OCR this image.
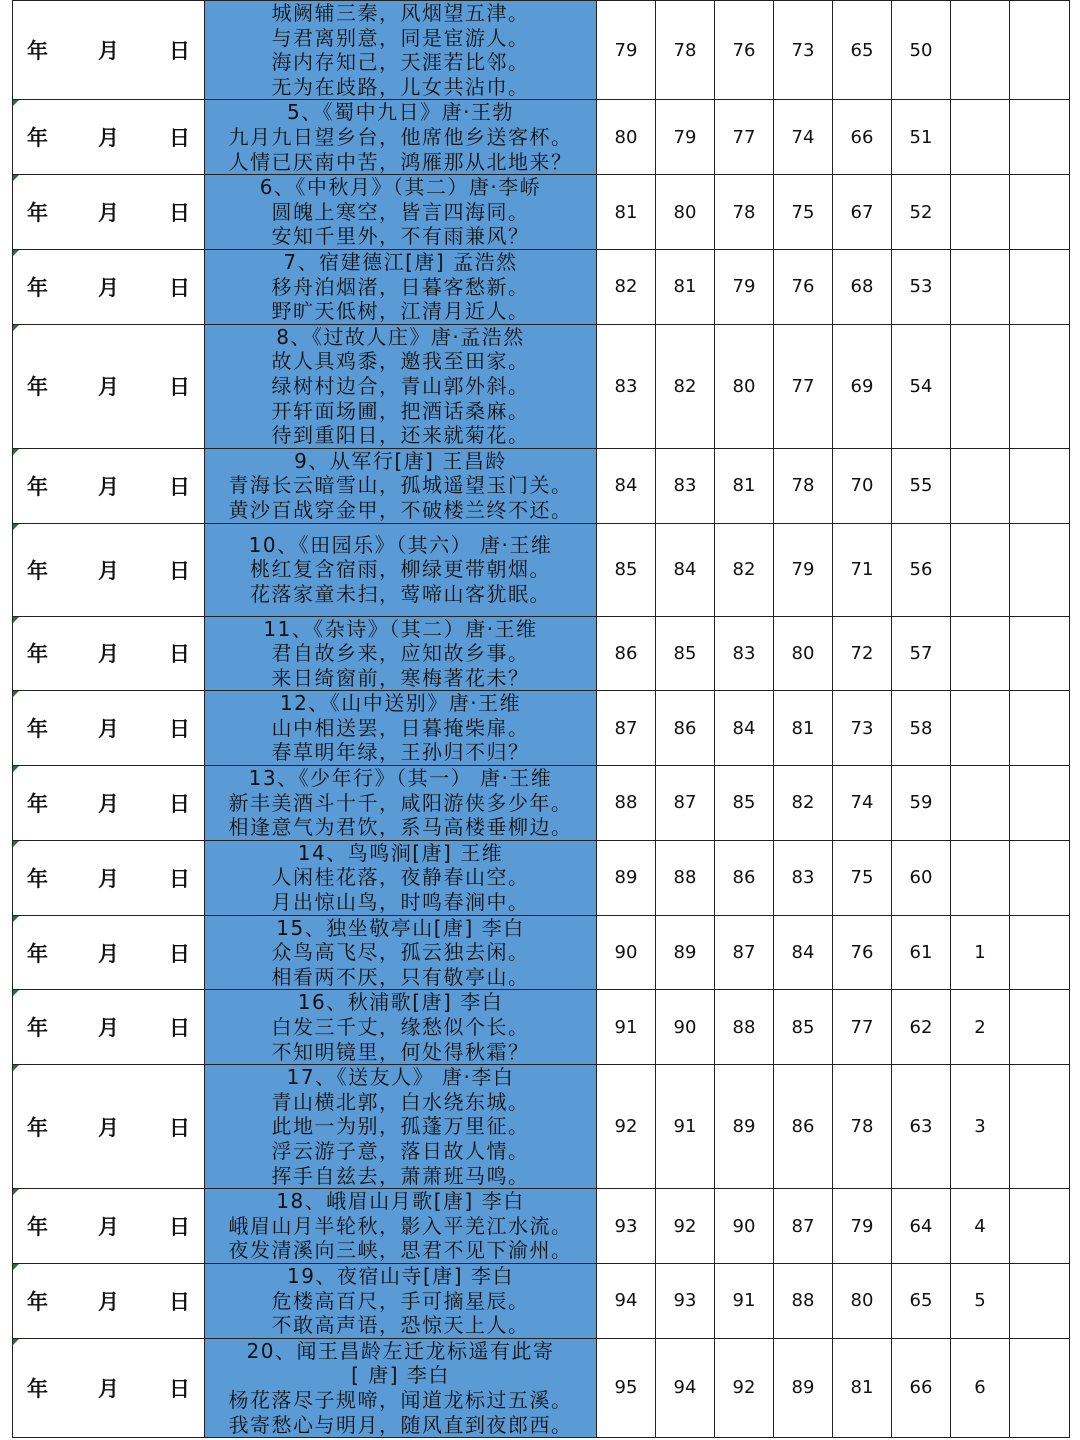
年 月 日	城阙辅三秦，风烟望五津。
与君离别意，同是宦游人。
海内存知己，天涯若比邻。
无为在歧路，儿女共沾巾。	79	78	76	73	65	50		

年 月 日	5、《蜀中九日》唐·王勃
九月九日望乡台，他席他乡送客杯。
人情已厌南中苦，鸿雁那从北地来？	80	79	77	74	66	51		

年 月 日	6、《中秋月》（其二）唐·李峤
圆魄上寒空，皆言四海同。
安知千里外，不有雨兼风？	81	80	78	75	67	52		

年 月 日	7、宿建德江[唐] 孟浩然
移舟泊烟渚，日暮客愁新。
野旷天低树，江清月近人。	82	81	79	76	68	53		

年 月 日	8、《过故人庄》唐·孟浩然
故人具鸡黍，邀我至田家。
绿树村边合，青山郭外斜。
开轩面场圃，把酒话桑麻。
待到重阳日，还来就菊花。	83	82	80	77	69	54		

年 月 日	9、从军行[唐] 王昌龄
青海长云暗雪山，孤城遥望玉门关。
黄沙百战穿金甲，不破楼兰终不还。	84	83	81	78	70	55		

年 月 日	10、《田园乐》（其六） 唐·王维
桃红复含宿雨，柳绿更带朝烟。
花落家童未扫，莺啼山客犹眠。	85	84	82	79	71	56		

年 月 日	11、《杂诗》（其二）唐·王维
君自故乡来，应知故乡事。
来日绮窗前，寒梅著花未？	86	85	83	80	72	57		

年 月 日	12、《山中送别》唐·王维
山中相送罢，日暮掩柴扉。
春草明年绿，王孙归不归？	87	86	84	81	73	58		

年 月 日	13、《少年行》（其一） 唐·王维
新丰美酒斗十千，咸阳游侠多少年。
相逢意气为君饮，系马高楼垂柳边。	88	87	85	82	74	59		

年 月 日	14、鸟鸣涧[唐] 王维
人闲桂花落，夜静春山空。
月出惊山鸟，时鸣春涧中。	89	88	86	83	75	60		

年 月 日	15、独坐敬亭山[唐] 李白
众鸟高飞尽，孤云独去闲。
相看两不厌，只有敬亭山。	90	89	87	84	76	61	1	

年 月 日	16、秋浦歌[唐] 李白
白发三千丈，缘愁似个长。
不知明镜里，何处得秋霜？	91	90	88	85	77	62	2	

年 月 日	17、《送友人》 唐·李白
青山横北郭，白水绕东城。
此地一为别，孤蓬万里征。
浮云游子意，落日故人情。
挥手自兹去，萧萧班马鸣。	92	91	89	86	78	63	3	

年 月 日	18、峨眉山月歌[唐] 李白
峨眉山月半轮秋，影入平羌江水流。
夜发清溪向三峡，思君不见下渝州。	93	92	90	87	79	64	4	

年 月 日	19、夜宿山寺[唐] 李白
危楼高百尺，手可摘星辰。
不敢高声语，恐惊天上人。	94	93	91	88	80	65	5	

年 月 日	20、闻王昌龄左迁龙标遥有此寄
[ 唐] 李白
杨花落尽子规啼，闻道龙标过五溪。
我寄愁心与明月，随风直到夜郎西。	95	94	92	89	81	66	6	
